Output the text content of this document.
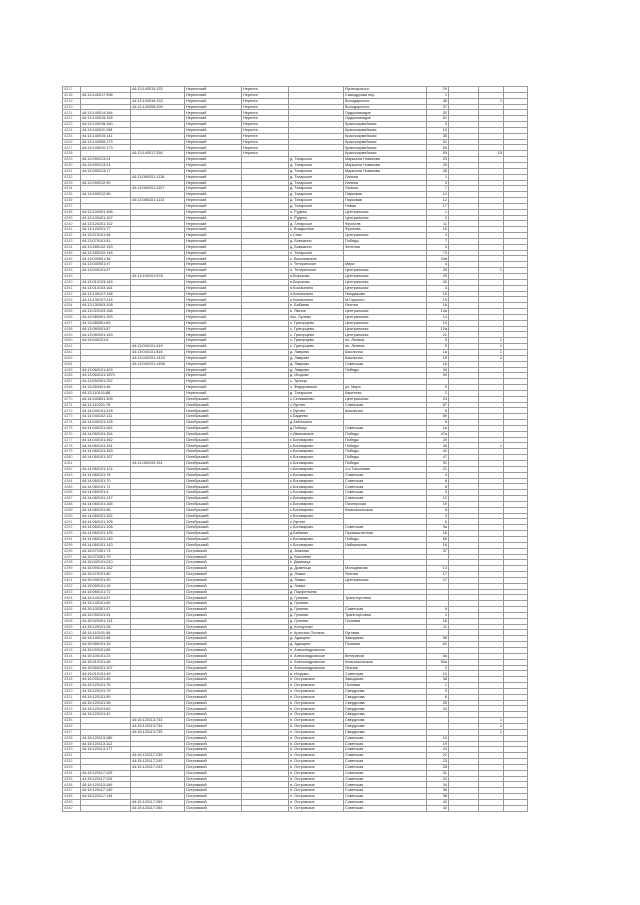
4217		44:13:140010:133	Нерехтский	Нерехта		Луначарского	29			
4218	44:13:140017:396		Нерехтский	Нерехта		Самодурова пер.	1			
4219		44:13:140016:133	Нерехтский	Нерехта		Володарского	46		1	
4220		44:13:140008:209	Нерехтский	Нерехта		Володарского	37			
4221	44:13:140014:184		Нерехтский	Нерехта		Орджоникидзе	32			
4222	44:13:140015:155		Нерехтский	Нерехта		Орджоникидзе	61			
4223	44:13:140016:160		Нерехтский	Нерехта		Красноармейская	9			
4224	44:13:140011:198		Нерехтский	Нерехта		Красноармейская	19			
4225	44:13:140015:141		Нерехтский	Нерехта		Красноармейская	35			
4226	44:13:140006:173		Нерехтский	Нерехта		Красноармейская	51			
4227	44:13:140010:173		Нерехтский	Нерехта		Красноармейская	65			
4228		44:13:140017:256	Нерехтский	Нерехта		Красноармейская	50		15	
4229	44:13:090213:24		Нерехтский		д. Татарское	Маршала Новикова	23			
4230	44:13:090213:24		Нерехтский		д. Татарское	Маршала Новикова	25			
4231	44:13:090213:17		Нерехтский		д. Татарское	Маршала Новикова	26			
4232		44:13:080201:1118	Нерехтский		д. Татарское	Лапина	1			
4233	44:13:090212:90		Нерехтский		д. Татарское	Лапина	3			
4234		44:13:080201:1107	Нерехтский		д. Татарское	Лапина	7			
4235	44:13:090212:96		Нерехтский		д. Татарское	Парковая	12			
4236		44:13:080201:1113	Нерехтский		д. Татарское	Парковая	12			
4237			Нерехтский		д. Татарское	Новая	17			
4238	44:13:100401:166		Нерехтский		п. Рудино	Центральная	1			
4239	44:13:100401:167		Нерехтский		п. Рудино	Центральная	2			
4240	44:13:120201:102		Нерехтский		д. Татарское	Фрололв	11			
4241	44:13:120201:77		Нерехтский		с. Владычное	Фролова	15			
4242	44:13:070101:48		Нерехтский		с.Спас	Центральная	4			
4243	44:13:070101:51		Нерехтский		д. Бовыкино	Победы	7			
4244	44:13:280102:153		Нерехтский		д. Бовыкино	Зеленая	3			
4245	44:13:280102:146		Нерехтский		п. Татарское		73			
4246	44:13:030501:36		Нерехтский		с. Василевское		20в			
4247	44:13:030501:47		Нерехтский		с. Тетеринское	Мира	4			
4248	44:13:040101:97		Нерехтский		п. Тетеринское	Центральная	29		1	
4249		44:13:100101:578	Нерехтский		п.Ворсково	Центральная	25			
4250	44:13:010103:145		Нерехтский		п.Ворсково	Центральная	26			
4251	44:13:010103:161		Нерехтский		п.Космынино	Центральная	3			
4252	44:13:130107:198		Нерехтский		п.Космынино	Гвоздикова	15			
4253	44:13:130107:214		Нерехтский		п.Космынино	М.Горького	19			
4254	44:13:130003:108		Нерехтский		п. Бабаево	Лесная	18			
4255	44:13:020103:168		Нерехтский		п. Ямное	Центральная	14а			
4256	44:13:080001:153		Нерехтский		пос. Лунево	Центральная	14			
4257	44:13:080001:83		Нерехтский		с. Григорцево	Центральная	10			
4258	44:13:080001:87		Нерехтский		с. Григорцево	Центральная	12а			
4259	44:13:080001:163		Нерехтский		с. Григорцево	Центральная	21			
4260	44:13:040101:6		Нерехтский		с. Григорцево	пл. Ленина	5		1	
4261		44:13:040101:419	Нерехтский		с. Григорцево	пл. Ленина	5		1	
4262		44:13:040101:816	Нерехтский		д. Лаврово	Школьная	1а		1	
4263		44:13:040101:1423	Нерехтский		д. Лаврово	Школьная	1б		2	
4264		44:13:040101:1458	Нерехтский		д. Лаврово	Советская	16			
4265	44:13:060101:403		Нерехтский		д. Лаврово	Победы	34			
4266	44:13:060101:1870		Нерехтский		д. Игодово		94			
4267	44:13:050301:252		Нерехтский		с. Троица					
4268	44:13:050401:46		Нерехтский		с. Федоровское	ул. Мира	5			
4269	44:13:110101:88		Нерехтский		д. Татарское	Каретная	2			
4270	44:14:040801:305		Октябрьский		с.Селиваново	Центральная	24			
4271	44:14:110201:78		Октябрьский		с.Луптюг	Советская	87			
4272	44:14:040101:225		Октябрьский		с.Луптюг	Школьная	5			
4273	44:14:040102:111		Октябрьский		с.Бадеево		89			
4274	44:14:040101:125		Октябрьский		д.Заболкино		6			
4275	44:14:040101:264		Октябрьский		д.Победа	Советская	1а			
4276	44:14:060101:154		Октябрьский		с.Ивановское	Победы	47а			
4277	44:14:040101:452		Октябрьский		с.Боговарово	Победы	25			
4278	44:14:060101:151		Октябрьский		с.Боговарово	Победы	36		1	
4279	44:14:060101:153		Октябрьский		с.Боговарово	Победы	42			
4280	44:14:060101:157		Октябрьский		с.Боговарово	Победы	47			
4281		44:14:060109:151	Октябрьский		с.Боговарово	Победы	51			
4282	44:14:060101:124		Октябрьский		с.Боговарово	1-я Тихоновая	21			
4283	44:14:060101:78		Октябрьский		с.Боговарово	Советская	4			
4284	44:14:060101:70		Октябрьский		с.Боговарово	Советская	6			
4285	44:14:060101:72		Октябрьский		с.Боговарово	Советская	8			
4286	44:14:060101:4		Октябрьский		с.Боговарово	Советская	9			
4287	44:14:060101:147		Октябрьский		с.Боговарово	Советская	12			
4288	44:14:060101:155		Октябрьский		с.Боговарово	Пионерская	19			
4289	44:14:060101:96		Октябрьский		с.Боговарово	Комсомольская	6			
4290	44:14:060101:152		Октябрьский		с.Боговарово		3			
4291	44:14:060101:105		Октябрьский		с.Луптюг		6			
4292	44:14:060101:108		Октябрьский		с.Боговарово	Советская	9а			
4293	44:14:060101:125		Октябрьский		д.Бабаево	Промышленная	18			
4294	44:14:060101:140		Октябрьский		с.Боговарово	Победы	65			
4295	44:14:060101:143		Октябрьский		с.Боговарово	Набережная	16			
4296	44:15:070301:73		Островский		д. Апапово		37			
4297	44:15:070301:79		Островский		д. Касплево					
4298	44:15:040101:210		Островский		с. Дымница					
4299	44:15:090101:162		Островский		д. Дымница	Молодежная	13			
4300	44:15:070101:80		Островский		д. Ломки	Лесная	17			
4301	44:15:090101:49		Островский		д. Ломки	Центральная	27			
4302	44:15:090101:19		Островский		д. Ломки					
4303	44:15:080101:72		Островский		д. Парфеньево					
4304	44:15:140101:57		Островский		д. Гуляево	Трансторговая				
4305	44:15:140101:60		Островский		д. Гуляево					
4306	44:15:100301:57		Островский		д. Гуляево	Советская	6			
4307	44:15:090101:94		Островский		д. Гуляево	Трансторговая	1			
4308	44:15:020401:113		Островский		д. Гуляево	Полевая	18			
4309	44:15:120101:28		Островский		д. Клочутово		11			
4310	44:15:110101:48		Островский		п. Красные Поляны	Луговая				
4311	44:15:140101:46		Островский		д. Адищево	Заводская	58			
4312	44:15:080101:18		Островский		д. Адищево	Полевая	62			
4313	44:15:020101:85		Островский		п. Александровское					
4314	44:15:100101:23		Островский		п. Александровское	Ветеранов	5а			
4315	44:15:010101:46		Островский		п. Александровское	Комсомольская	50а			
4316	44:15:060101:107		Островский		п. Александровское	Лесная	2			
4317	44:15:010101:49		Островский		п. Игодово	Советская	10			
4318	44:15:090101:46		Островский		п. Островское	Заводская	38			
4319	44:15:120101:76		Островский		п. Островское	Полевая	1			
4320	44:15:120101:79		Островский		п. Островское	Свердлова	3			
4321	44:15:120101:59		Островский		п. Островское	Свердлова	6			
4322	44:15:120101:38		Островский		п. Островское	Свердлова	25			
4323	44:15:120101:82		Островский		п. Островское	Свердлова	34			
4324	44:15:120101:42		Островский		п. Островское	Свердлова				
4325		44:15:120113:733	Островский		п. Островское	Свердлова			1	
4326		44:15:120113:734	Островский		п. Островское	Свердлова			1	
4327		44:15:120113:735	Островский		п. Островское	Свердлова			1	
4328	44:15:120113:180		Островский		п. Островское	Советская	14			
4329	44:15:120113:112		Островский		п. Островское	Советская	19			
4330	44:15:120113:177		Островский		п. Островское	Советская	20			
4331		44:15:120117:239	Островский		п. Островское	Советская	22			
4332		44:15:120117:240	Островский		п. Островское	Советская	23			
4333		44:15:120117:243	Островский		п. Островское	Советская	28			
4334	44:15:120117:125		Островский		п. Островское	Советская	31			
4335	44:15:120117:126		Островский		п. Островское	Советская	32			
4336	44:15:120113:169		Островский		п. Островское	Советская	34			
4337	44:15:120117:130		Островский		п. Островское	Советская	36			
4338	44:15:120117:134		Островский		п. Островское	Советская	38			
4339		44:15:120117:259	Островский		п. Островское	Советская	40			
4340		44:15:120117:254	Островский		п. Островское	Советская	42			
